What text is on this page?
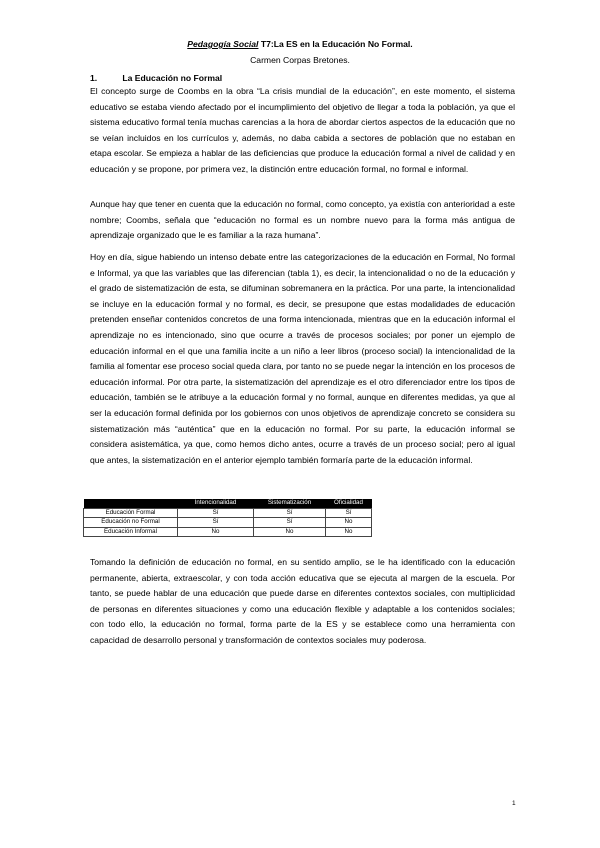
Pedagogía Social T7:La ES en la Educación No Formal.
Carmen Corpas Bretones.
1.	La Educación no Formal

El concepto surge de Coombs en la obra “La crisis mundial de la educación”, en este momento, el sistema educativo se estaba viendo afectado por el incumplimiento del objetivo de llegar a toda la población, ya que el sistema educativo formal tenía muchas carencias a la hora de abordar ciertos aspectos de la educación que no se veían incluidos en los currículos y, además, no daba cabida a sectores de población que no estaban en etapa escolar. Se empieza a hablar de las deficiencias que produce la educación formal a nivel de calidad y en educación y se propone, por primera vez, la distinción entre educación formal, no formal e informal.

Aunque hay que tener en cuenta que la educación no formal, como concepto, ya existía con anterioridad a este nombre; Coombs, señala que “educación no formal es un nombre nuevo para la forma más antigua de aprendizaje organizado que le es familiar a la raza humana”.

Hoy en día, sigue habiendo un intenso debate entre las categorizaciones de la educación en Formal, No formal e Informal, ya que las variables que las diferencian (tabla 1), es decir, la intencionalidad o no de la educación y el grado de sistematización de esta, se difuminan sobremanera en la práctica. Por una parte, la intencionalidad se incluye en la educación formal y no formal, es decir, se presupone que estas modalidades de educación pretenden enseñar contenidos concretos de una forma intencionada, mientras que en la educación informal el aprendizaje no es intencionado, sino que ocurre a través de procesos sociales; por poner un ejemplo de educación informal en el que una familia incite a un niño a leer libros (proceso social) la intencionalidad de la familia al fomentar ese proceso social queda clara, por tanto no se puede negar la intención en los procesos de educación informal. Por otra parte, la sistematización del aprendizaje es el otro diferenciador entre los tipos de educación, también se le atribuye a la educación formal y no formal, aunque en diferentes medidas, ya que al ser la educación formal definida por los gobiernos con unos objetivos de aprendizaje concreto se considera su sistematización más “auténtica” que en la educación no formal. Por su parte, la educación informal se considera asistemática, ya que, como hemos dicho antes, ocurre a través de un proceso social; pero al igual que antes, la sistematización en el anterior ejemplo también formaría parte de la educación informal.

	Intencionalidad	Sistematización	Oficialidad
Educación Formal	Sí	Sí	Sí
Educación no Formal	Sí	Sí	No
Educación Informal	No	No	No

Tomando la definición de educación no formal, en su sentido amplio, se le ha identificado con la educación permanente, abierta, extraescolar, y con toda acción educativa que se ejecuta al margen de la escuela. Por tanto, se puede hablar de una educación que puede darse en diferentes contextos sociales, con multiplicidad de personas en diferentes situaciones y como una educación flexible y adaptable a los contenidos sociales; con todo ello, la educación no formal, forma parte de la ES y se establece como una herramienta con capacidad de desarrollo personal y transformación de contextos sociales muy poderosa.

1
